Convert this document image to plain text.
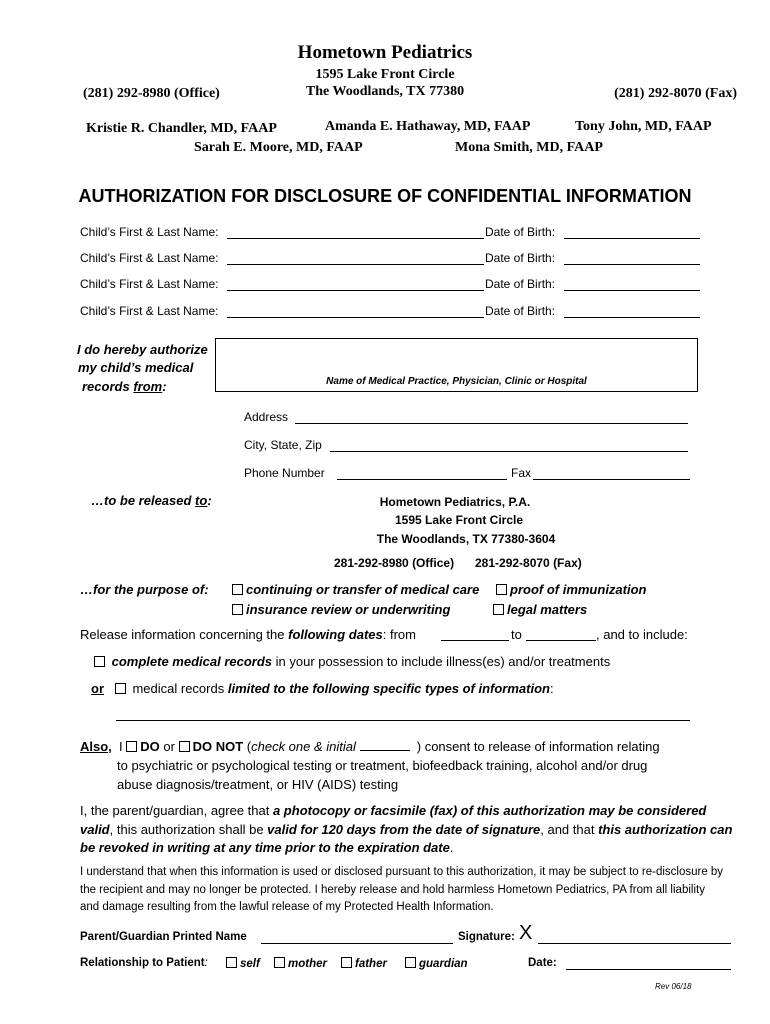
Hometown Pediatrics
1595 Lake Front Circle
The Woodlands, TX 77380
(281) 292-8980 (Office)	(281) 292-8070 (Fax)
Kristie R. Chandler, MD, FAAP	Amanda E. Hathaway, MD, FAAP	Tony John, MD, FAAP
Sarah E. Moore, MD, FAAP	Mona Smith, MD, FAAP
AUTHORIZATION FOR DISCLOSURE OF CONFIDENTIAL INFORMATION
Child’s First & Last Name:	Date of Birth:
Child’s First & Last Name:	Date of Birth:
Child’s First & Last Name:	Date of Birth:
Child’s First & Last Name:	Date of Birth:
I do hereby authorize
my child’s medical
records from:	Name of Medical Practice, Physician, Clinic or Hospital
Address
City, State, Zip
Phone Number	Fax
…to be released to:	Hometown Pediatrics, P.A.
1595 Lake Front Circle
The Woodlands, TX 77380-3604
281-292-8980 (Office) 281-292-8070 (Fax)
…for the purpose of:	continuing or transfer of medical care	proof of immunization
insurance review or underwriting	legal matters
Release information concerning the following dates: from	to	, and to include:
complete medical records in your possession to include illness(es) and/or treatments
or medical records limited to the following specific types of information:
Also, I DO or DO NOT (check one & initial	) consent to release of information relating
to psychiatric or psychological testing or treatment, biofeedback training, alcohol and/or drug
abuse diagnosis/treatment, or HIV (AIDS) testing
I, the parent/guardian, agree that a photocopy or facsimile (fax) of this authorization may be considered valid, this authorization shall be valid for 120 days from the date of signature, and that this authorization can be revoked in writing at any time prior to the expiration date.
I understand that when this information is used or disclosed pursuant to this authorization, it may be subject to re-disclosure by the recipient and may no longer be protected. I hereby release and hold harmless Hometown Pediatrics, PA from all liability and damage resulting from the lawful release of my Protected Health Information.
Parent/Guardian Printed Name	Signature: X
Relationship to Patient:	self	mother	father	guardian	Date:
Rev 06/18
